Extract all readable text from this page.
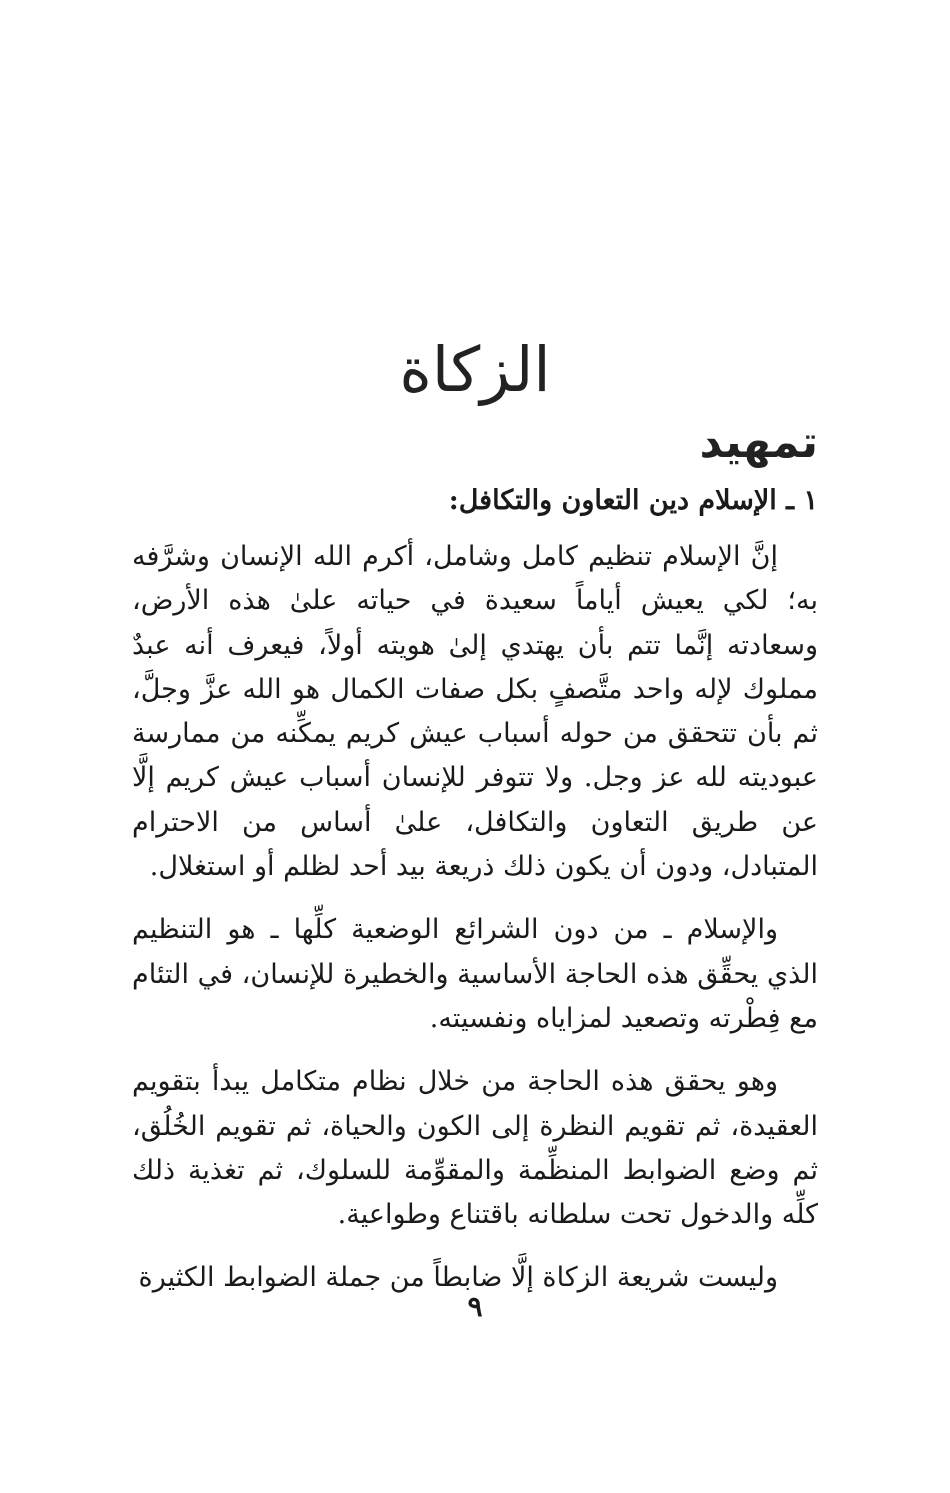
الزكاة
تمهيد
١ ـ الإسلام دين التعاون والتكافل:

إنَّ الإسلام تنظيم كامل وشامل، أكرم الله الإنسان وشرَّفه به؛ لكي يعيش أياماً سعيدة في حياته علىٰ هذه الأرض، وسعادته إنَّما تتم بأن يهتدي إلىٰ هويته أولاً، فيعرف أنه عبدٌ مملوك لإله واحد متَّصفٍ بكل صفات الكمال هو الله عزَّ وجلَّ، ثم بأن تتحقق من حوله أسباب عيش كريم يمكِّنه من ممارسة عبوديته لله عز وجل. ولا تتوفر للإنسان أسباب عيش كريم إلَّا عن طريق التعاون والتكافل، علىٰ أساس من الاحترام المتبادل، ودون أن يكون ذلك ذريعة بيد أحد لظلم أو استغلال.

والإسلام ـ من دون الشرائع الوضعية كلِّها ـ هو التنظيم الذي يحقِّق هذه الحاجة الأساسية والخطيرة للإنسان، في التئام مع فِطْرته وتصعيد لمزاياه ونفسيته.

وهو يحقق هذه الحاجة من خلال نظام متكامل يبدأ بتقويم العقيدة، ثم تقويم النظرة إلى الكون والحياة، ثم تقويم الخُلُق، ثم وضع الضوابط المنظِّمة والمقوِّمة للسلوك، ثم تغذية ذلك كلِّه والدخول تحت سلطانه باقتناع وطواعية.

وليست شريعة الزكاة إلَّا ضابطاً من جملة الضوابط الكثيرة

٩
